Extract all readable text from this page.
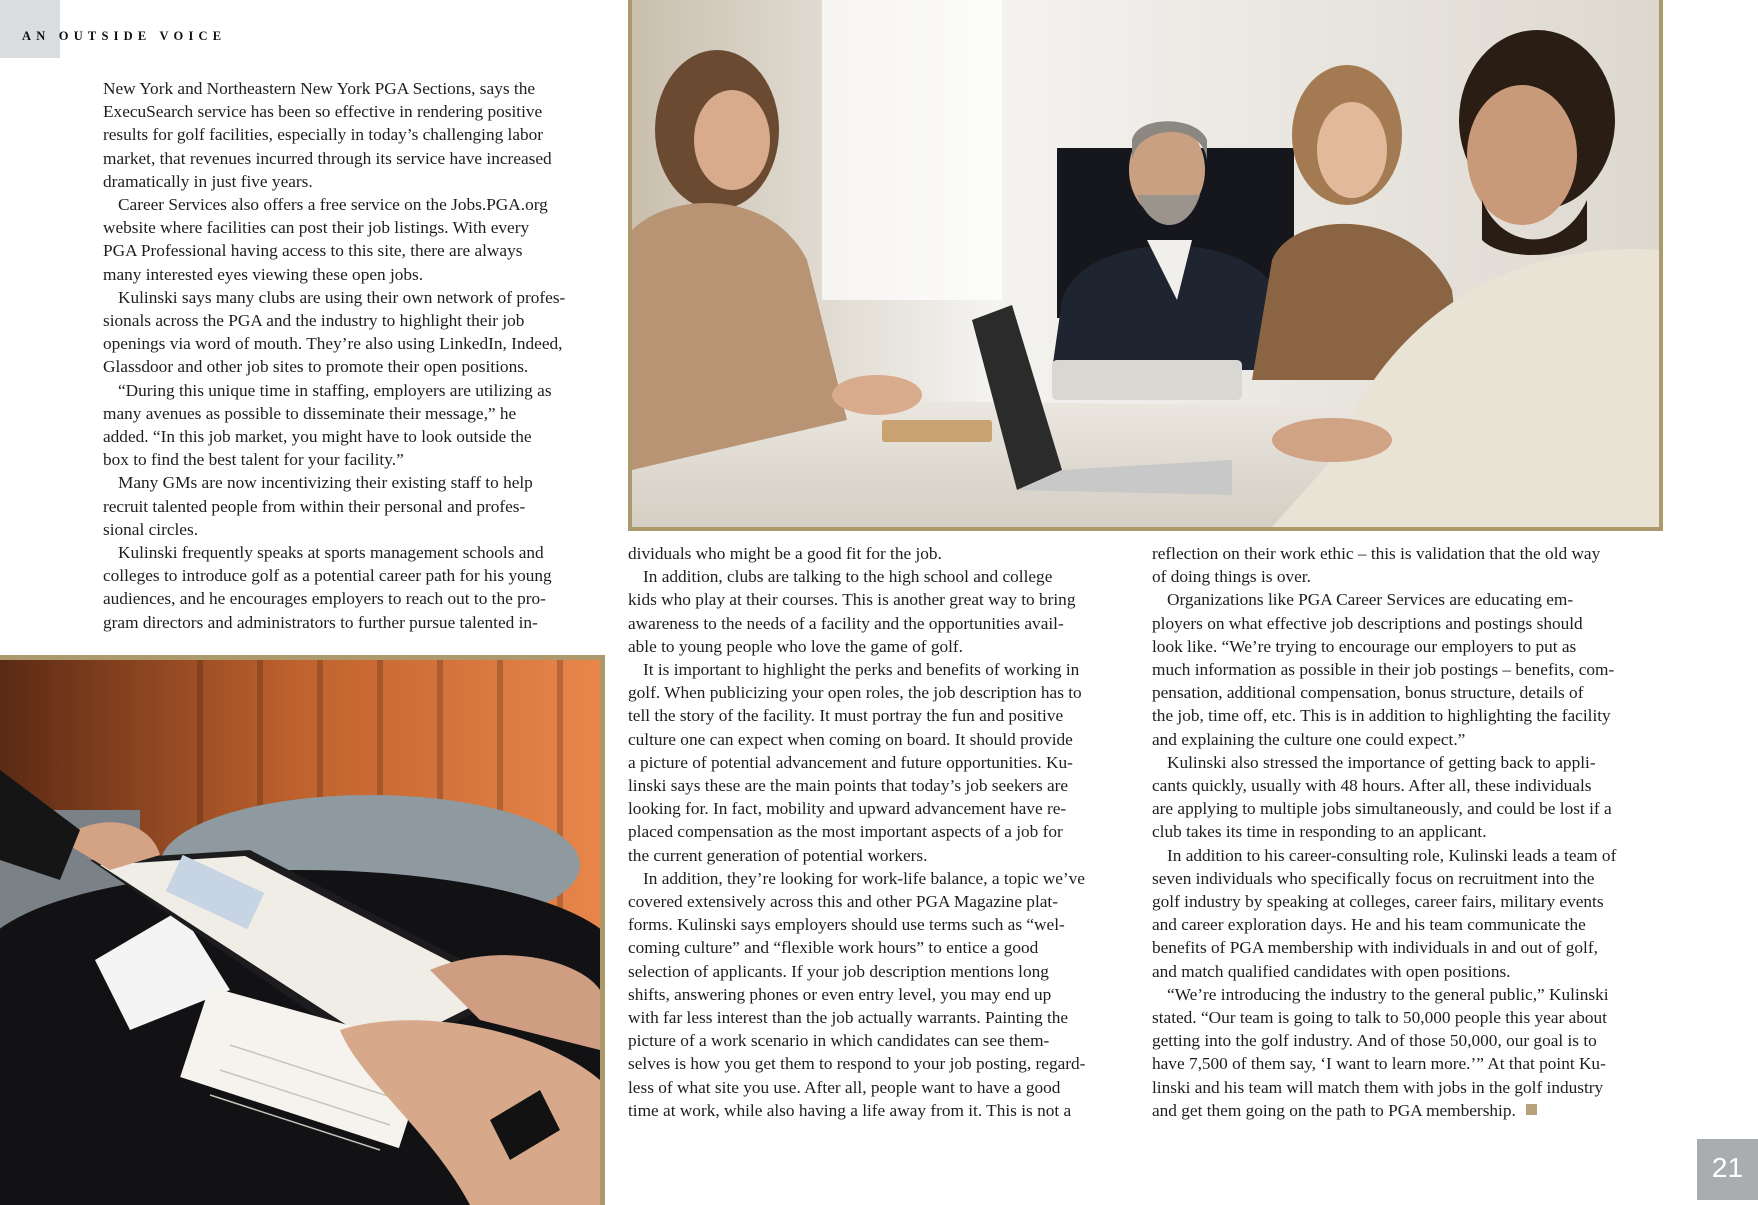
AN OUTSIDE VOICE

New York and Northeastern New York PGA Sections, says the
ExecuSearch service has been so effective in rendering positive
results for golf facilities, especially in today’s challenging labor
market, that revenues incurred through its service have increased
dramatically in just five years.

Career Services also offers a free service on the Jobs.PGA.org
website where facilities can post their job listings. With every
PGA Professional having access to this site, there are always
many interested eyes viewing these open jobs.

Kulinski says many clubs are using their own network of profes-
sionals across the PGA and the industry to highlight their job
openings via word of mouth. They’re also using LinkedIn, Indeed,
Glassdoor and other job sites to promote their open positions.

“During this unique time in staffing, employers are utilizing as
many avenues as possible to disseminate their message,” he
added. “In this job market, you might have to look outside the
box to find the best talent for your facility.”

Many GMs are now incentivizing their existing staff to help
recruit talented people from within their personal and profes-
sional circles.

Kulinski frequently speaks at sports management schools and
colleges to introduce golf as a potential career path for his young
audiences, and he encourages employers to reach out to the pro-
gram directors and administrators to further pursue talented in-

dividuals who might be a good fit for the job.

In addition, clubs are talking to the high school and college
kids who play at their courses. This is another great way to bring
awareness to the needs of a facility and the opportunities avail-
able to young people who love the game of golf.

It is important to highlight the perks and benefits of working in
golf. When publicizing your open roles, the job description has to
tell the story of the facility. It must portray the fun and positive
culture one can expect when coming on board. It should provide
a picture of potential advancement and future opportunities. Ku-
linski says these are the main points that today’s job seekers are
looking for. In fact, mobility and upward advancement have re-
placed compensation as the most important aspects of a job for
the current generation of potential workers.

In addition, they’re looking for work-life balance, a topic we’ve
covered extensively across this and other PGA Magazine plat-
forms. Kulinski says employers should use terms such as “wel-
coming culture” and “flexible work hours” to entice a good
selection of applicants. If your job description mentions long
shifts, answering phones or even entry level, you may end up
with far less interest than the job actually warrants. Painting the
picture of a work scenario in which candidates can see them-
selves is how you get them to respond to your job posting, regard-
less of what site you use. After all, people want to have a good
time at work, while also having a life away from it. This is not a

reflection on their work ethic – this is validation that the old way
of doing things is over.

Organizations like PGA Career Services are educating em-
ployers on what effective job descriptions and postings should
look like. “We’re trying to encourage our employers to put as
much information as possible in their job postings – benefits, com-
pensation, additional compensation, bonus structure, details of
the job, time off, etc. This is in addition to highlighting the facility
and explaining the culture one could expect.”

Kulinski also stressed the importance of getting back to appli-
cants quickly, usually with 48 hours. After all, these individuals
are applying to multiple jobs simultaneously, and could be lost if a
club takes its time in responding to an applicant.

In addition to his career-consulting role, Kulinski leads a team of
seven individuals who specifically focus on recruitment into the
golf industry by speaking at colleges, career fairs, military events
and career exploration days. He and his team communicate the
benefits of PGA membership with individuals in and out of golf,
and match qualified candidates with open positions.

“We’re introducing the industry to the general public,” Kulinski
stated. “Our team is going to talk to 50,000 people this year about
getting into the golf industry. And of those 50,000, our goal is to
have 7,500 of them say, ‘I want to learn more.’” At that point Ku-
linski and his team will match them with jobs in the golf industry
and get them going on the path to PGA membership.

21
